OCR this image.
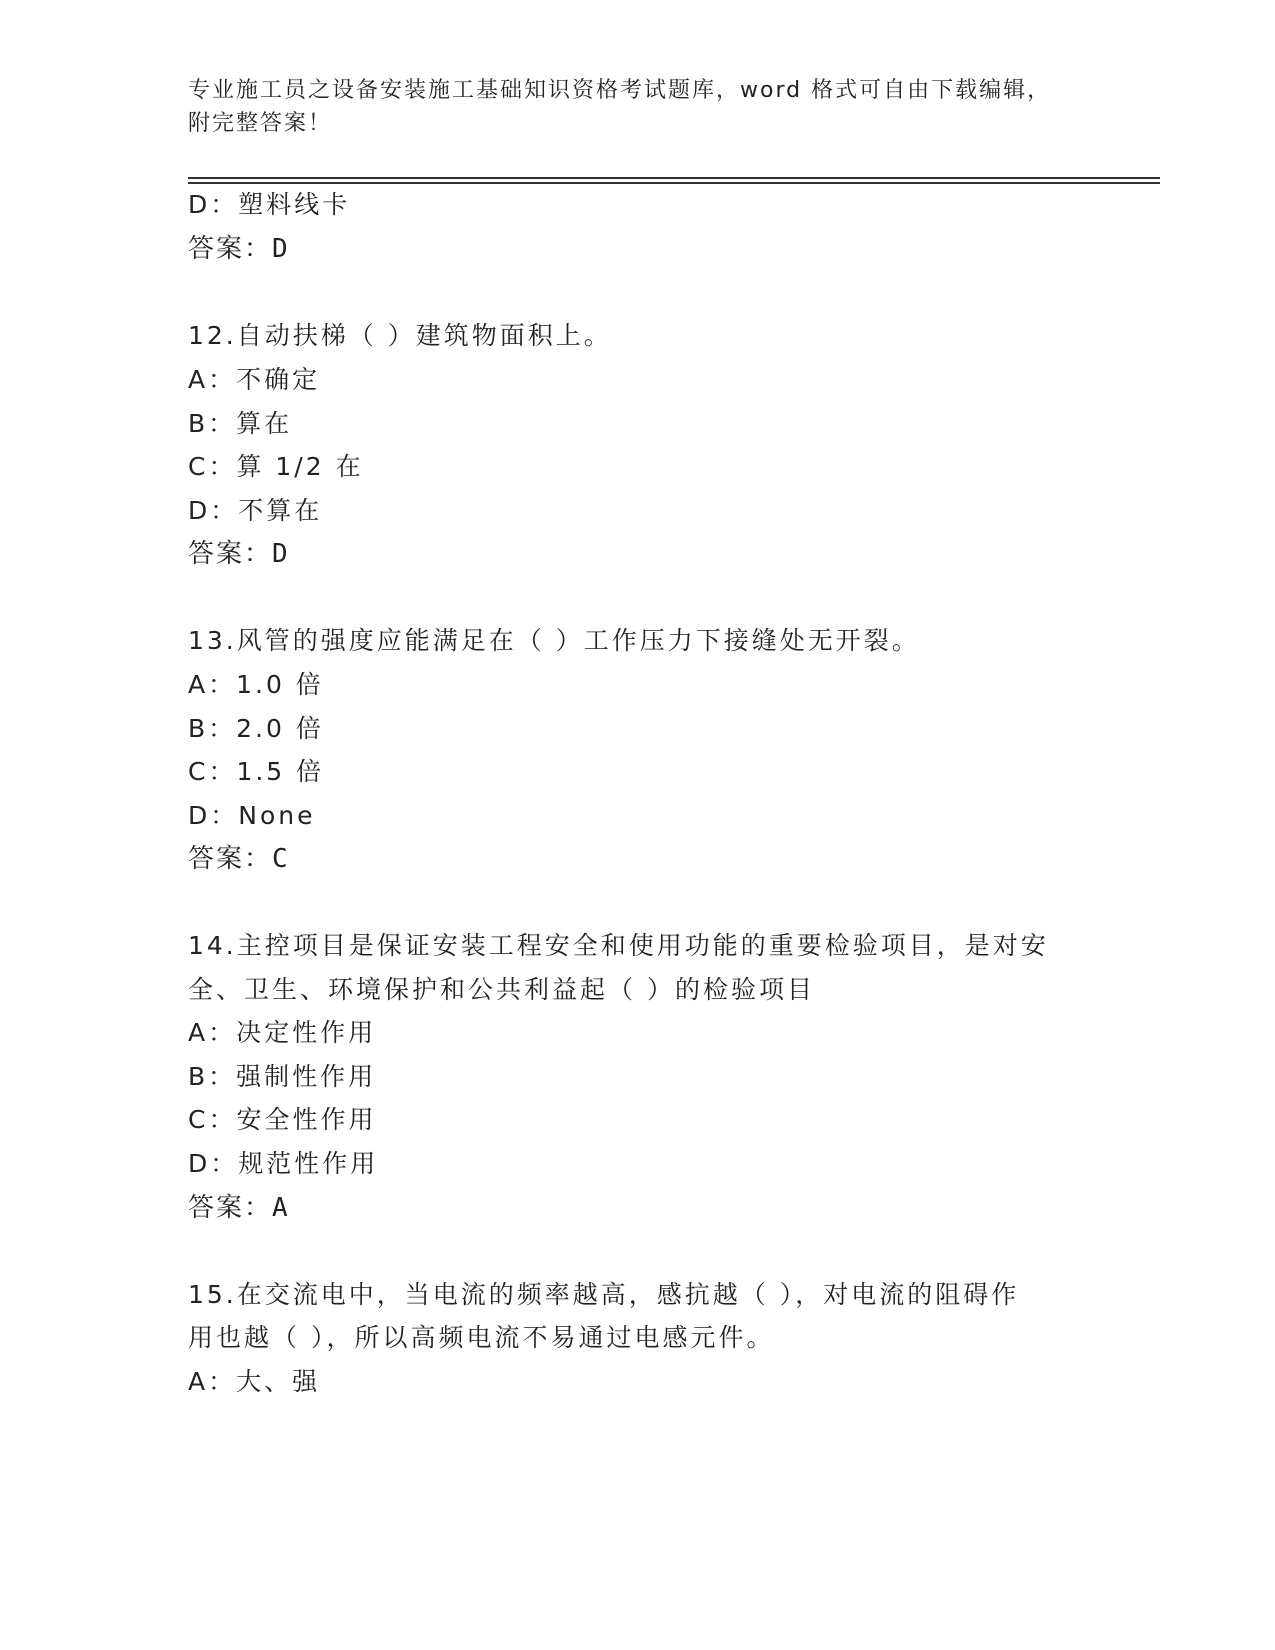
专业施工员之设备安装施工基础知识资格考试题库，word 格式可自由下载编辑，
附完整答案！
D：塑料线卡
答案：D
12.自动扶梯（ ）建筑物面积上。
A：不确定
B：算在
C：算 1/2 在
D：不算在
答案：D
13.风管的强度应能满足在（ ）工作压力下接缝处无开裂。
A：1.0 倍
B：2.0 倍
C：1.5 倍
D：None
答案：C
14.主控项目是保证安装工程安全和使用功能的重要检验项目，是对安
全、卫生、环境保护和公共利益起（ ）的检验项目
A：决定性作用
B：强制性作用
C：安全性作用
D：规范性作用
答案：A
15.在交流电中，当电流的频率越高，感抗越（ ），对电流的阻碍作
用也越（ ），所以高频电流不易通过电感元件。
A：大、强
